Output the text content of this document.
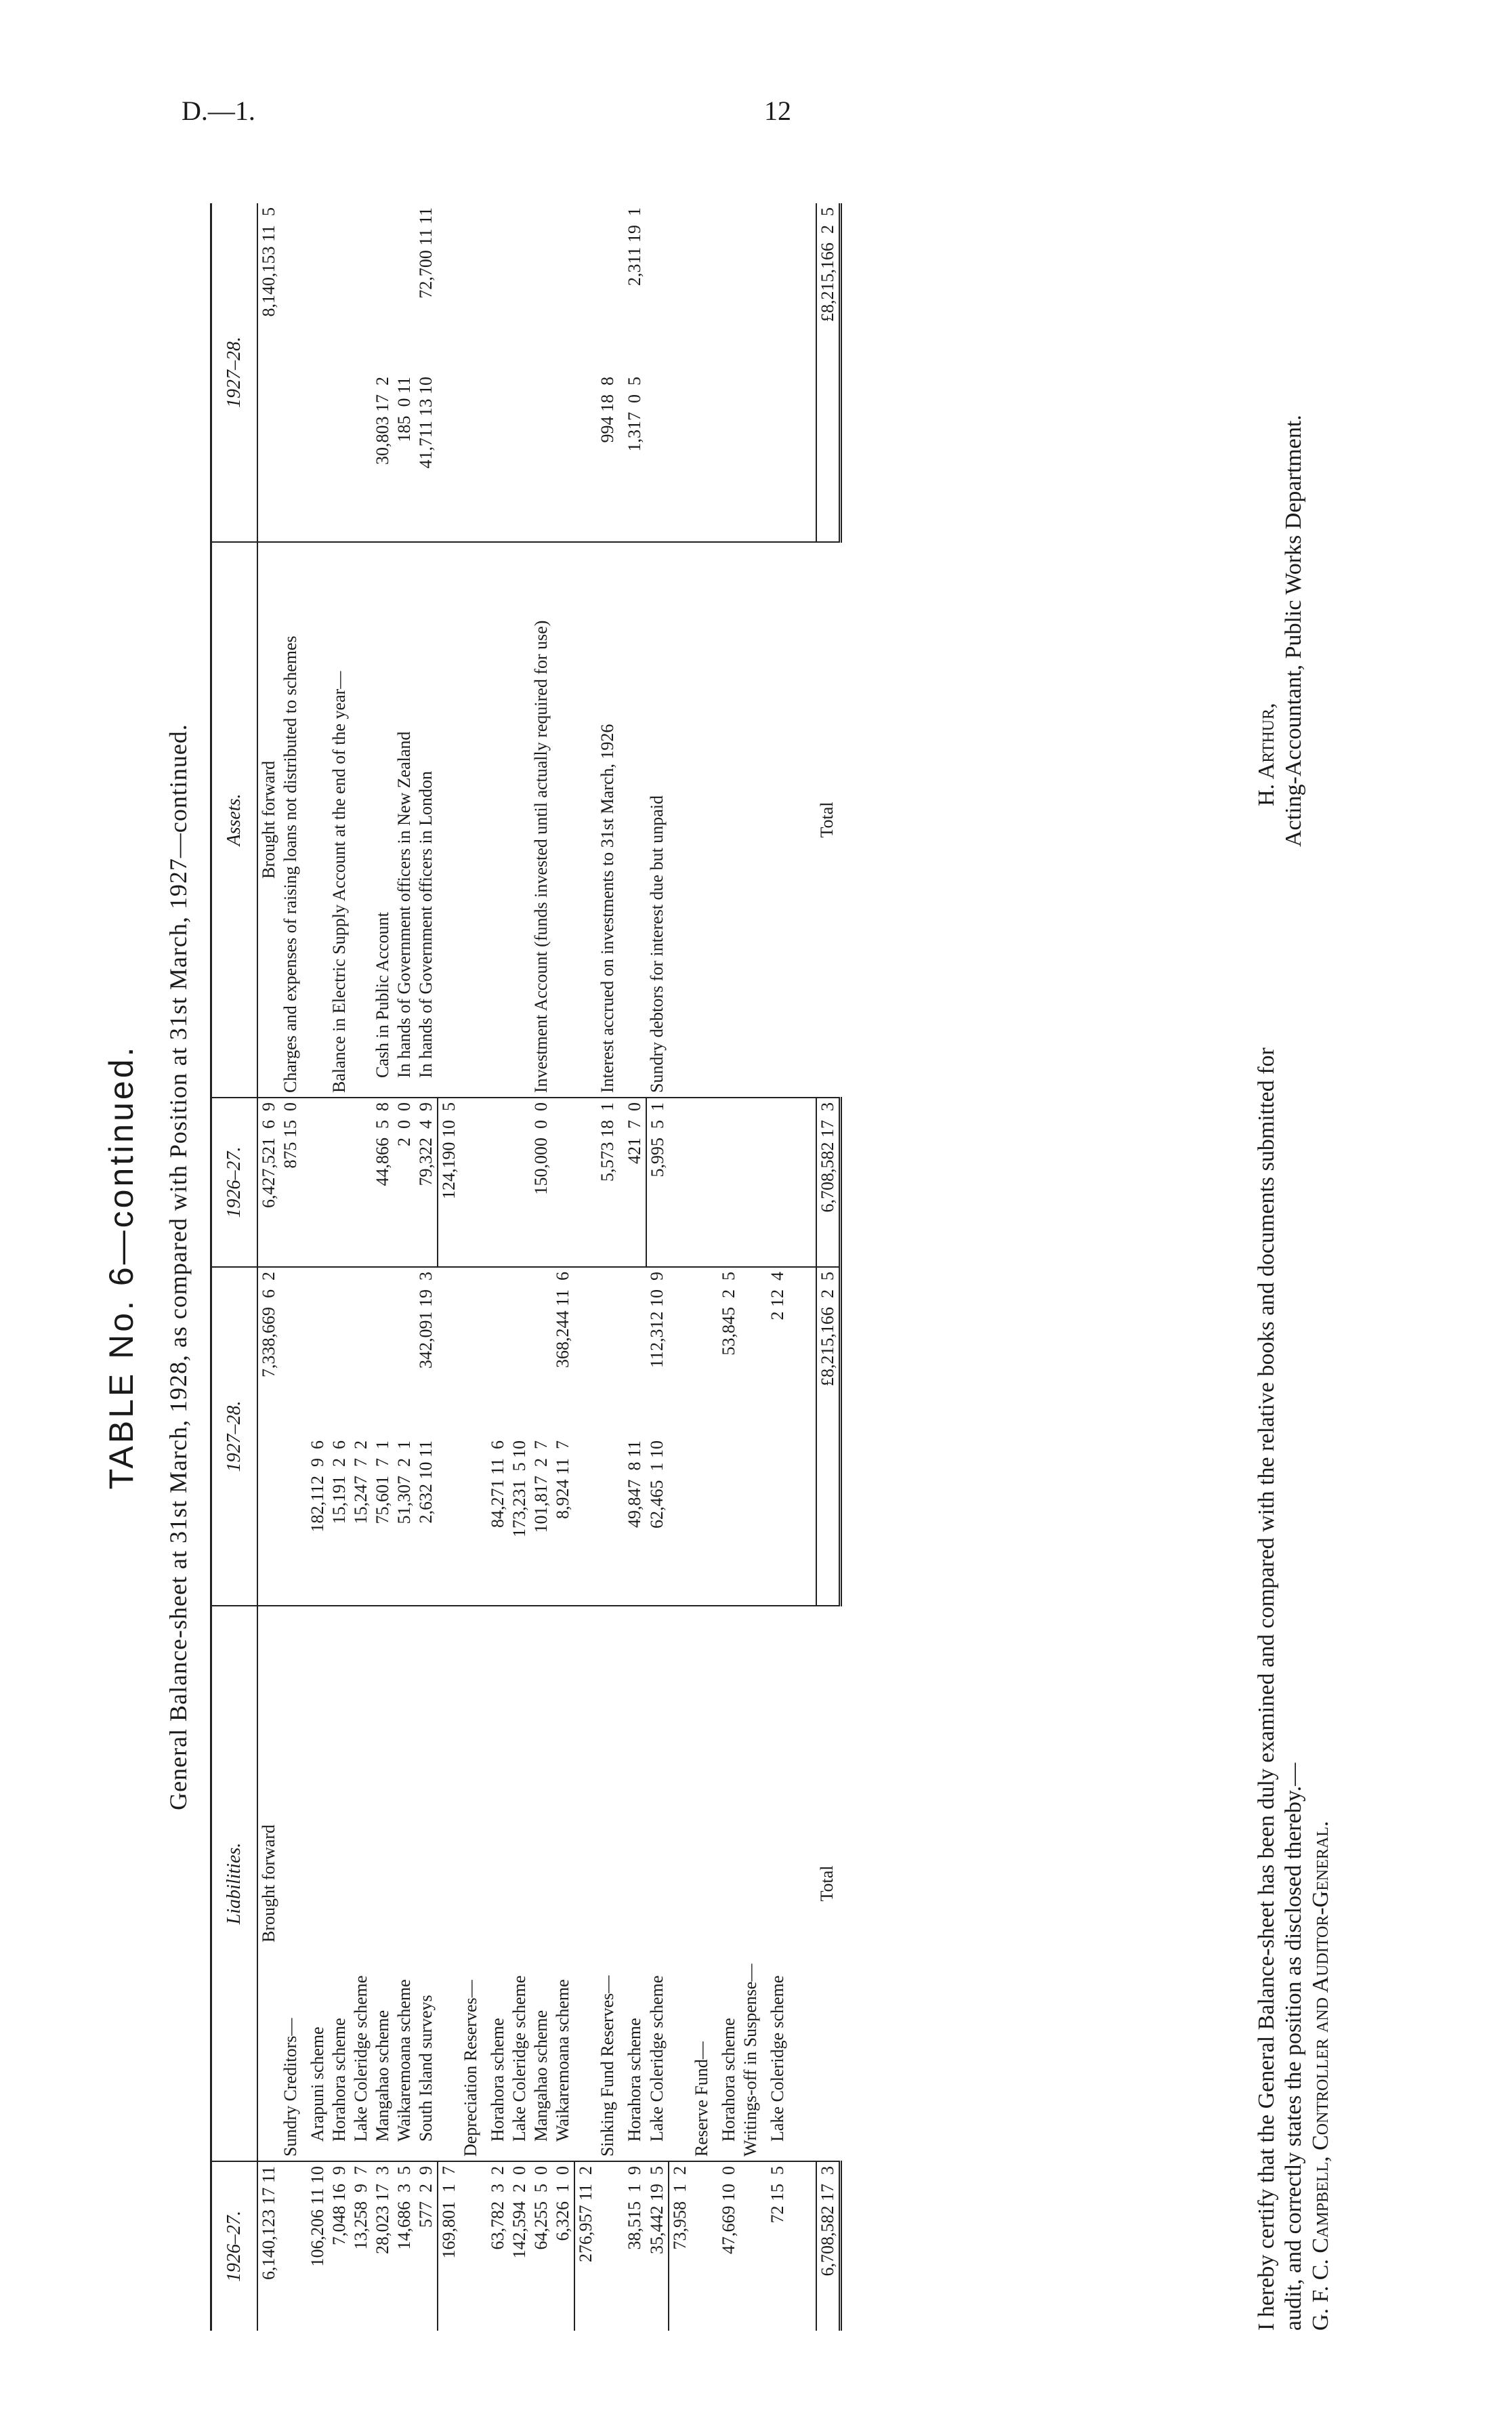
D.—1.	12
TABLE No. 6—continued.	General Balance-sheet at 31st March, 1928, as compared with Position at 31st March, 1927—continued.
1926–27.	Liabilities.	1927–28.		1926–27.	Assets.	1927–28.	
6,140,123 17 11	Brought forward		7,338,669  6  2	6,427,521  6  9	Brought forward		8,140,153 11  5
	Sundry Creditors—			875 15  0	Charges and expenses of raising loans not distributed to schemes		
106,206 11 10	Arapuni scheme	182,112  9  6					
7,048 16  9	Horahora scheme	15,191  2  6			Balance in Electric Supply Account at the end of the year—		
13,258  9  7	Lake Coleridge scheme	15,247  7  2					
28,023 17  3	Mangahao scheme	75,601  7  1		44,866  5  8	Cash in Public Account	30,803 17  2	
14,686  3  5	Waikaremoana scheme	51,307  2  1		2  0  0	In hands of Government officers in New Zealand	185  0 11	
577  2  9	South Island surveys	2,632 10 11	342,091 19  3	79,322  4  9	In hands of Government officers in London	41,711 13 10	72,700 11 11
169,801  1  7				124,190 10  5			
	Depreciation Reserves—						
63,782  3  2	Horahora scheme	84,271 11  6					
142,594  2  0	Lake Coleridge scheme	173,231  5 10					
64,255  5  0	Mangahao scheme	101,817  2  7		150,000  0  0	Investment Account (funds invested until actually required for use)		
6,326  1  0	Waikaremoana scheme	8,924 11  7	368,244 11  6				
276,957 11  2							
	Sinking Fund Reserves—			5,573 18  1	Interest accrued on investments to 31st March, 1926	994 18  8	
38,515  1  9	Horahora scheme	49,847  8 11		421  7  0		1,317  0  5	2,311 19  1
35,442 19  5	Lake Coleridge scheme	62,465  1 10	112,312 10  9	5,995  5  1	Sundry debtors for interest due but unpaid		
73,958  1  2							
	Reserve Fund—						
47,669 10  0	Horahora scheme		53,845  2  5				
	Writings-off in Suspense—						
72 15  5	Lake Coleridge scheme		2 12  4				

6,708,582 17  3	Total		£8,215,166  2  5	6,708,582 17  3	Total		£8,215,166  2  5
I hereby certify that the General Balance-sheet has been duly examined and compared with the relative books and documents submitted for audit, and correctly states the position as disclosed thereby.— G. F. C. Campbell, Controller and Auditor-General.
H. Arthur, Acting-Accountant, Public Works Department.
